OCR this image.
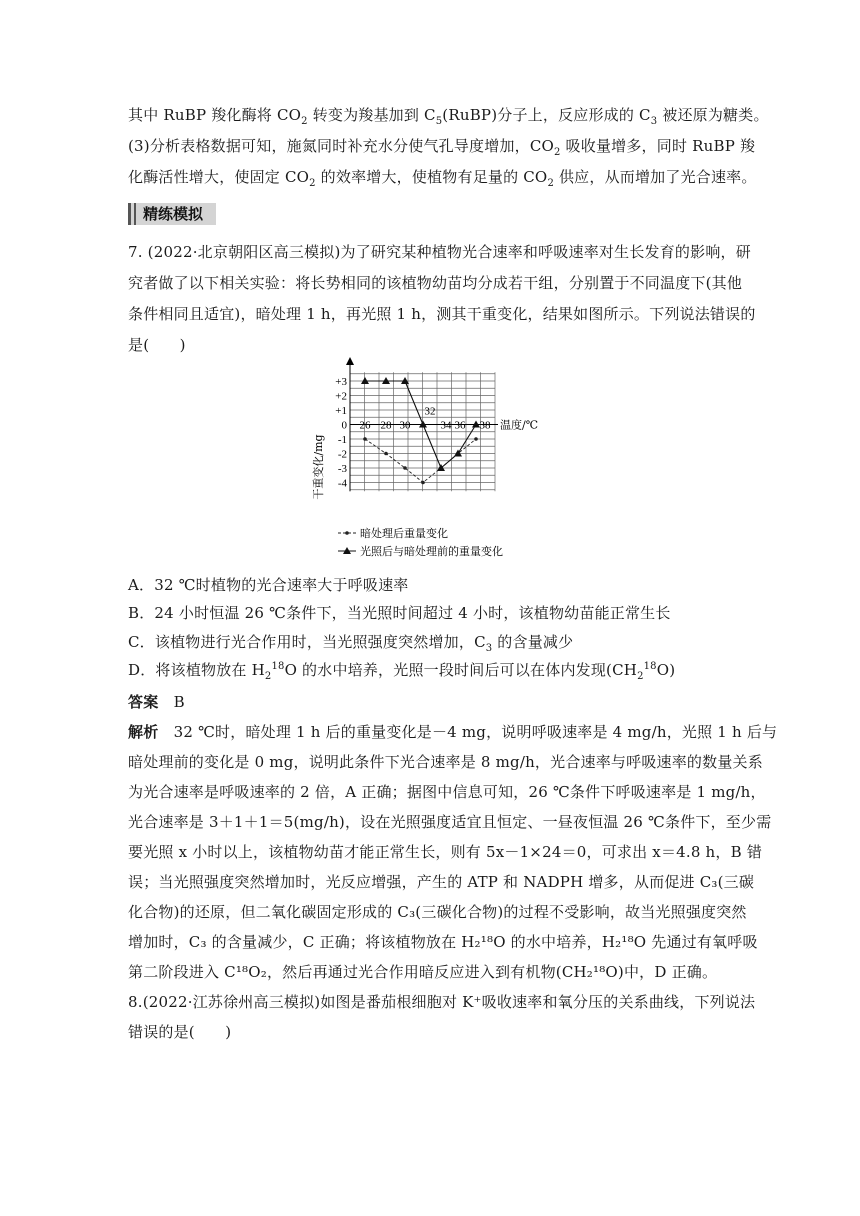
其中 RuBP 羧化酶将 $CO_2$ 转变为羧基加到 $C_5(RuBP)$分子上，反应形成的 $C_3$ 被还原为糖类。
(3)分析表格数据可知，施氮同时补充水分使气孔导度增加，$CO_2$ 吸收量增多，同时 RuBP 羧
化酶活性增大，使固定 $CO_2$ 的效率增大，使植物有足量的 $CO_2$ 供应，从而增加了光合速率。
精练模拟
7. (2022·北京朝阳区高三模拟)为了研究某种植物光合速率和呼吸速率对生长发育的影响，研
究者做了以下相关实验：将长势相同的该植物幼苗均分成若干组，分别置于不同温度下(其他
条件相同且适宜)，暗处理 1 h，再光照 1 h，测其干重变化，结果如图所示。下列说法错误的
是(　　)
+3
+2
+1
0
-1
-2
-3
-4
干重变化/mg
26 28 30	34 36 38
32
温度/℃
暗处理后重量变化
光照后与暗处理前的重量变化
A．32 ℃时植物的光合速率大于呼吸速率
B．24 小时恒温 26 ℃条件下，当光照时间超过 4 小时，该植物幼苗能正常生长
C．该植物进行光合作用时，当光照强度突然增加，$C_3$ 的含量减少
D．将该植物放在 $H_2^{18}O$ 的水中培养，光照一段时间后可以在体内发现$(CH_2^{18}O)$
答案　 B
解析　 32 ℃时，暗处理 1 h 后的重量变化是－4 mg，说明呼吸速率是 4 mg/h，光照 1 h 后与
暗处理前的变化是 0 mg，说明此条件下光合速率是 8 mg/h，光合速率与呼吸速率的数量关系
为光合速率是呼吸速率的 2 倍，A 正确；据图中信息可知，26 ℃条件下呼吸速率是 1 mg/h，
光合速率是 3＋1＋1＝5(mg/h)，设在光照强度适宜且恒定、一昼夜恒温 26 ℃条件下，至少需
要光照 x 小时以上，该植物幼苗才能正常生长，则有 5x－1×24＝0，可求出 x＝4.8 h，B 错
误；当光照强度突然增加时，光反应增强，产生的 ATP 和 NADPH 增多，从而促进 C₃(三碳
化合物)的还原，但二氧化碳固定形成的 C₃(三碳化合物)的过程不受影响，故当光照强度突然
增加时，C₃ 的含量减少，C 正确；将该植物放在 H₂¹⁸O 的水中培养，H₂¹⁸O 先通过有氧呼吸
第二阶段进入 C¹⁸O₂，然后再通过光合作用暗反应进入到有机物(CH₂¹⁸O)中，D 正确。
8.(2022·江苏徐州高三模拟)如图是番茄根细胞对 K⁺吸收速率和氧分压的关系曲线，下列说法
错误的是(　　)
